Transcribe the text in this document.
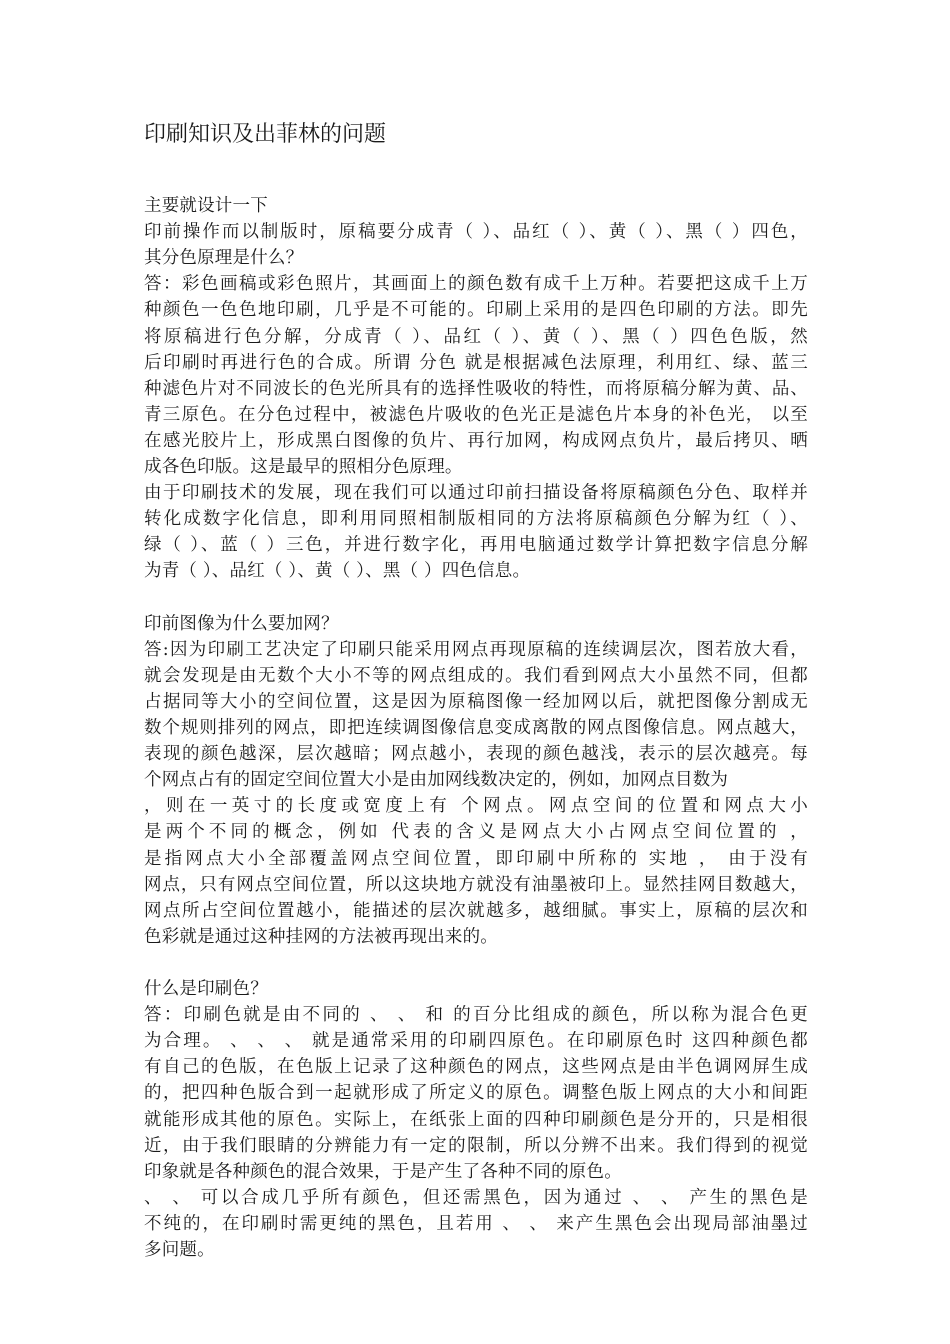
印刷知识及出菲林的问题

主要就设计一下

印前操作而以制版时，原稿要分成青（ ）、品红（ ）、黄（ ）、黑（ ）四色，

其分色原理是什么？

答：彩色画稿或彩色照片，其画面上的颜色数有成千上万种。若要把这成千上万

种颜色一色色地印刷，几乎是不可能的。印刷上采用的是四色印刷的方法。即先

将原稿进行色分解，分成青（ ）、品红（ ）、黄（ ）、黑（ ）四色色版，然

后印刷时再进行色的合成。所谓 分色 就是根据减色法原理，利用红、绿、蓝三

种滤色片对不同波长的色光所具有的选择性吸收的特性，而将原稿分解为黄、品、

青三原色。在分色过程中，被滤色片吸收的色光正是滤色片本身的补色光， 以至

在感光胶片上，形成黑白图像的负片、再行加网，构成网点负片，最后拷贝、晒

成各色印版。这是最早的照相分色原理。

由于印刷技术的发展，现在我们可以通过印前扫描设备将原稿颜色分色、取样并

转化成数字化信息，即利用同照相制版相同的方法将原稿颜色分解为红（ ）、

绿（ ）、蓝（ ）三色，并进行数字化，再用电脑通过数学计算把数字信息分解

为青（ ）、品红（ ）、黄（ ）、黑（ ）四色信息。

印前图像为什么要加网？

答:因为印刷工艺决定了印刷只能采用网点再现原稿的连续调层次，图若放大看，

就会发现是由无数个大小不等的网点组成的。我们看到网点大小虽然不同，但都

占据同等大小的空间位置，这是因为原稿图像一经加网以后，就把图像分割成无

数个规则排列的网点，即把连续调图像信息变成离散的网点图像信息。网点越大，

表现的颜色越深，层次越暗；网点越小，表现的颜色越浅，表示的层次越亮。每

个网点占有的固定空间位置大小是由加网线数决定的，例如，加网点目数为

，则在一英寸的长度或宽度上有 个网点。网点空间的位置和网点大小

是两个不同的概念，例如 代表的含义是网点大小占网点空间位置的 ，

是指网点大小全部覆盖网点空间位置，即印刷中所称的 实地 ， 由于没有

网点，只有网点空间位置，所以这块地方就没有油墨被印上。显然挂网目数越大，

网点所占空间位置越小，能描述的层次就越多，越细腻。事实上，原稿的层次和

色彩就是通过这种挂网的方法被再现出来的。

什么是印刷色？

答：印刷色就是由不同的 、 、 和 的百分比组成的颜色，所以称为混合色更

为合理。 、 、 、 就是通常采用的印刷四原色。在印刷原色时 这四种颜色都

有自己的色版，在色版上记录了这种颜色的网点，这些网点是由半色调网屏生成

的，把四种色版合到一起就形成了所定义的原色。调整色版上网点的大小和间距

就能形成其他的原色。实际上，在纸张上面的四种印刷颜色是分开的，只是相很

近，由于我们眼睛的分辨能力有一定的限制，所以分辨不出来。我们得到的视觉

印象就是各种颜色的混合效果，于是产生了各种不同的原色。

、 、 可以合成几乎所有颜色，但还需黑色，因为通过 、 、 产生的黑色是

不纯的，在印刷时需更纯的黑色，且若用 、 、 来产生黑色会出现局部油墨过

多问题。
